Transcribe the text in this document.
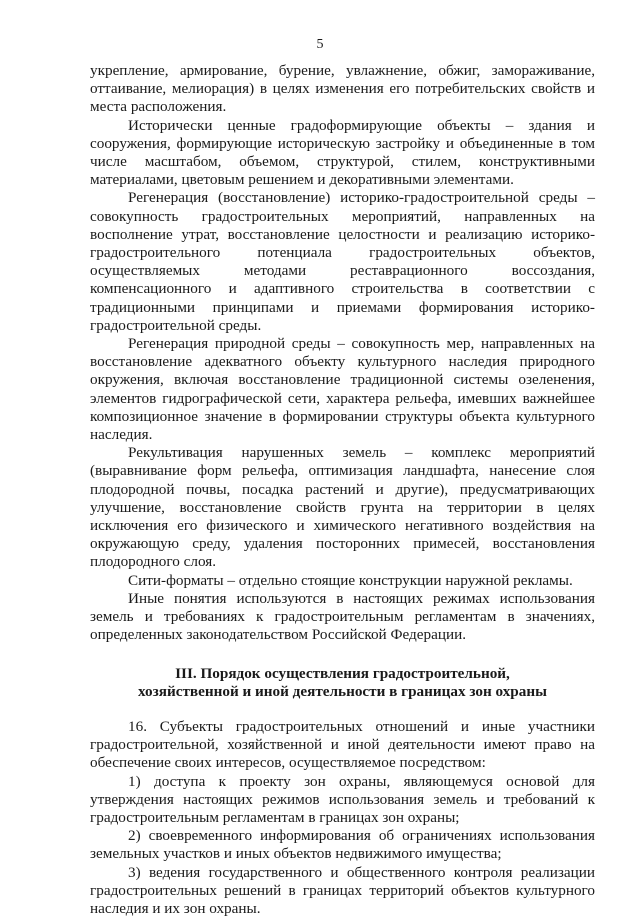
5

укрепление, армирование, бурение, увлажнение, обжиг, замораживание, оттаивание, мелиорация) в целях изменения его потребительских свойств и места расположения.

Исторически ценные градоформирующие объекты – здания и сооружения, формирующие историческую застройку и объединенные в том числе масштабом, объемом, структурой, стилем, конструктивными материалами, цветовым решением и декоративными элементами.

Регенерация (восстановление) историко-градостроительной среды – совокупность градостроительных мероприятий, направленных на восполнение утрат, восстановление целостности и реализацию историко-градостроительного потенциала градостроительных объектов, осуществляемых методами реставрационного воссоздания, компенсационного и адаптивного строительства в соответствии с традиционными принципами и приемами формирования историко-градостроительной среды.

Регенерация природной среды – совокупность мер, направленных на восстановление адекватного объекту культурного наследия природного окружения, включая восстановление традиционной системы озеленения, элементов гидрографической сети, характера рельефа, имевших важнейшее композиционное значение в формировании структуры объекта культурного наследия.

Рекультивация нарушенных земель – комплекс мероприятий (выравнивание форм рельефа, оптимизация ландшафта, нанесение слоя плодородной почвы, посадка растений и другие), предусматривающих улучшение, восстановление свойств грунта на территории в целях исключения его физического и химического негативного воздействия на окружающую среду, удаления посторонних примесей, восстановления плодородного слоя.

Сити-форматы – отдельно стоящие конструкции наружной рекламы.

Иные понятия используются в настоящих режимах использования земель и требованиях к градостроительным регламентам в значениях, определенных законодательством Российской Федерации.

III. Порядок осуществления градостроительной,
хозяйственной и иной деятельности в границах зон охраны

16. Субъекты градостроительных отношений и иные участники градостроительной, хозяйственной и иной деятельности имеют право на обеспечение своих интересов, осуществляемое посредством:

1) доступа к проекту зон охраны, являющемуся основой для утверждения настоящих режимов использования земель и требований к градостроительным регламентам в границах зон охраны;

2) своевременного информирования об ограничениях использования земельных участков и иных объектов недвижимого имущества;

3) ведения государственного и общественного контроля реализации градостроительных решений в границах территорий объектов культурного наследия и их зон охраны.
